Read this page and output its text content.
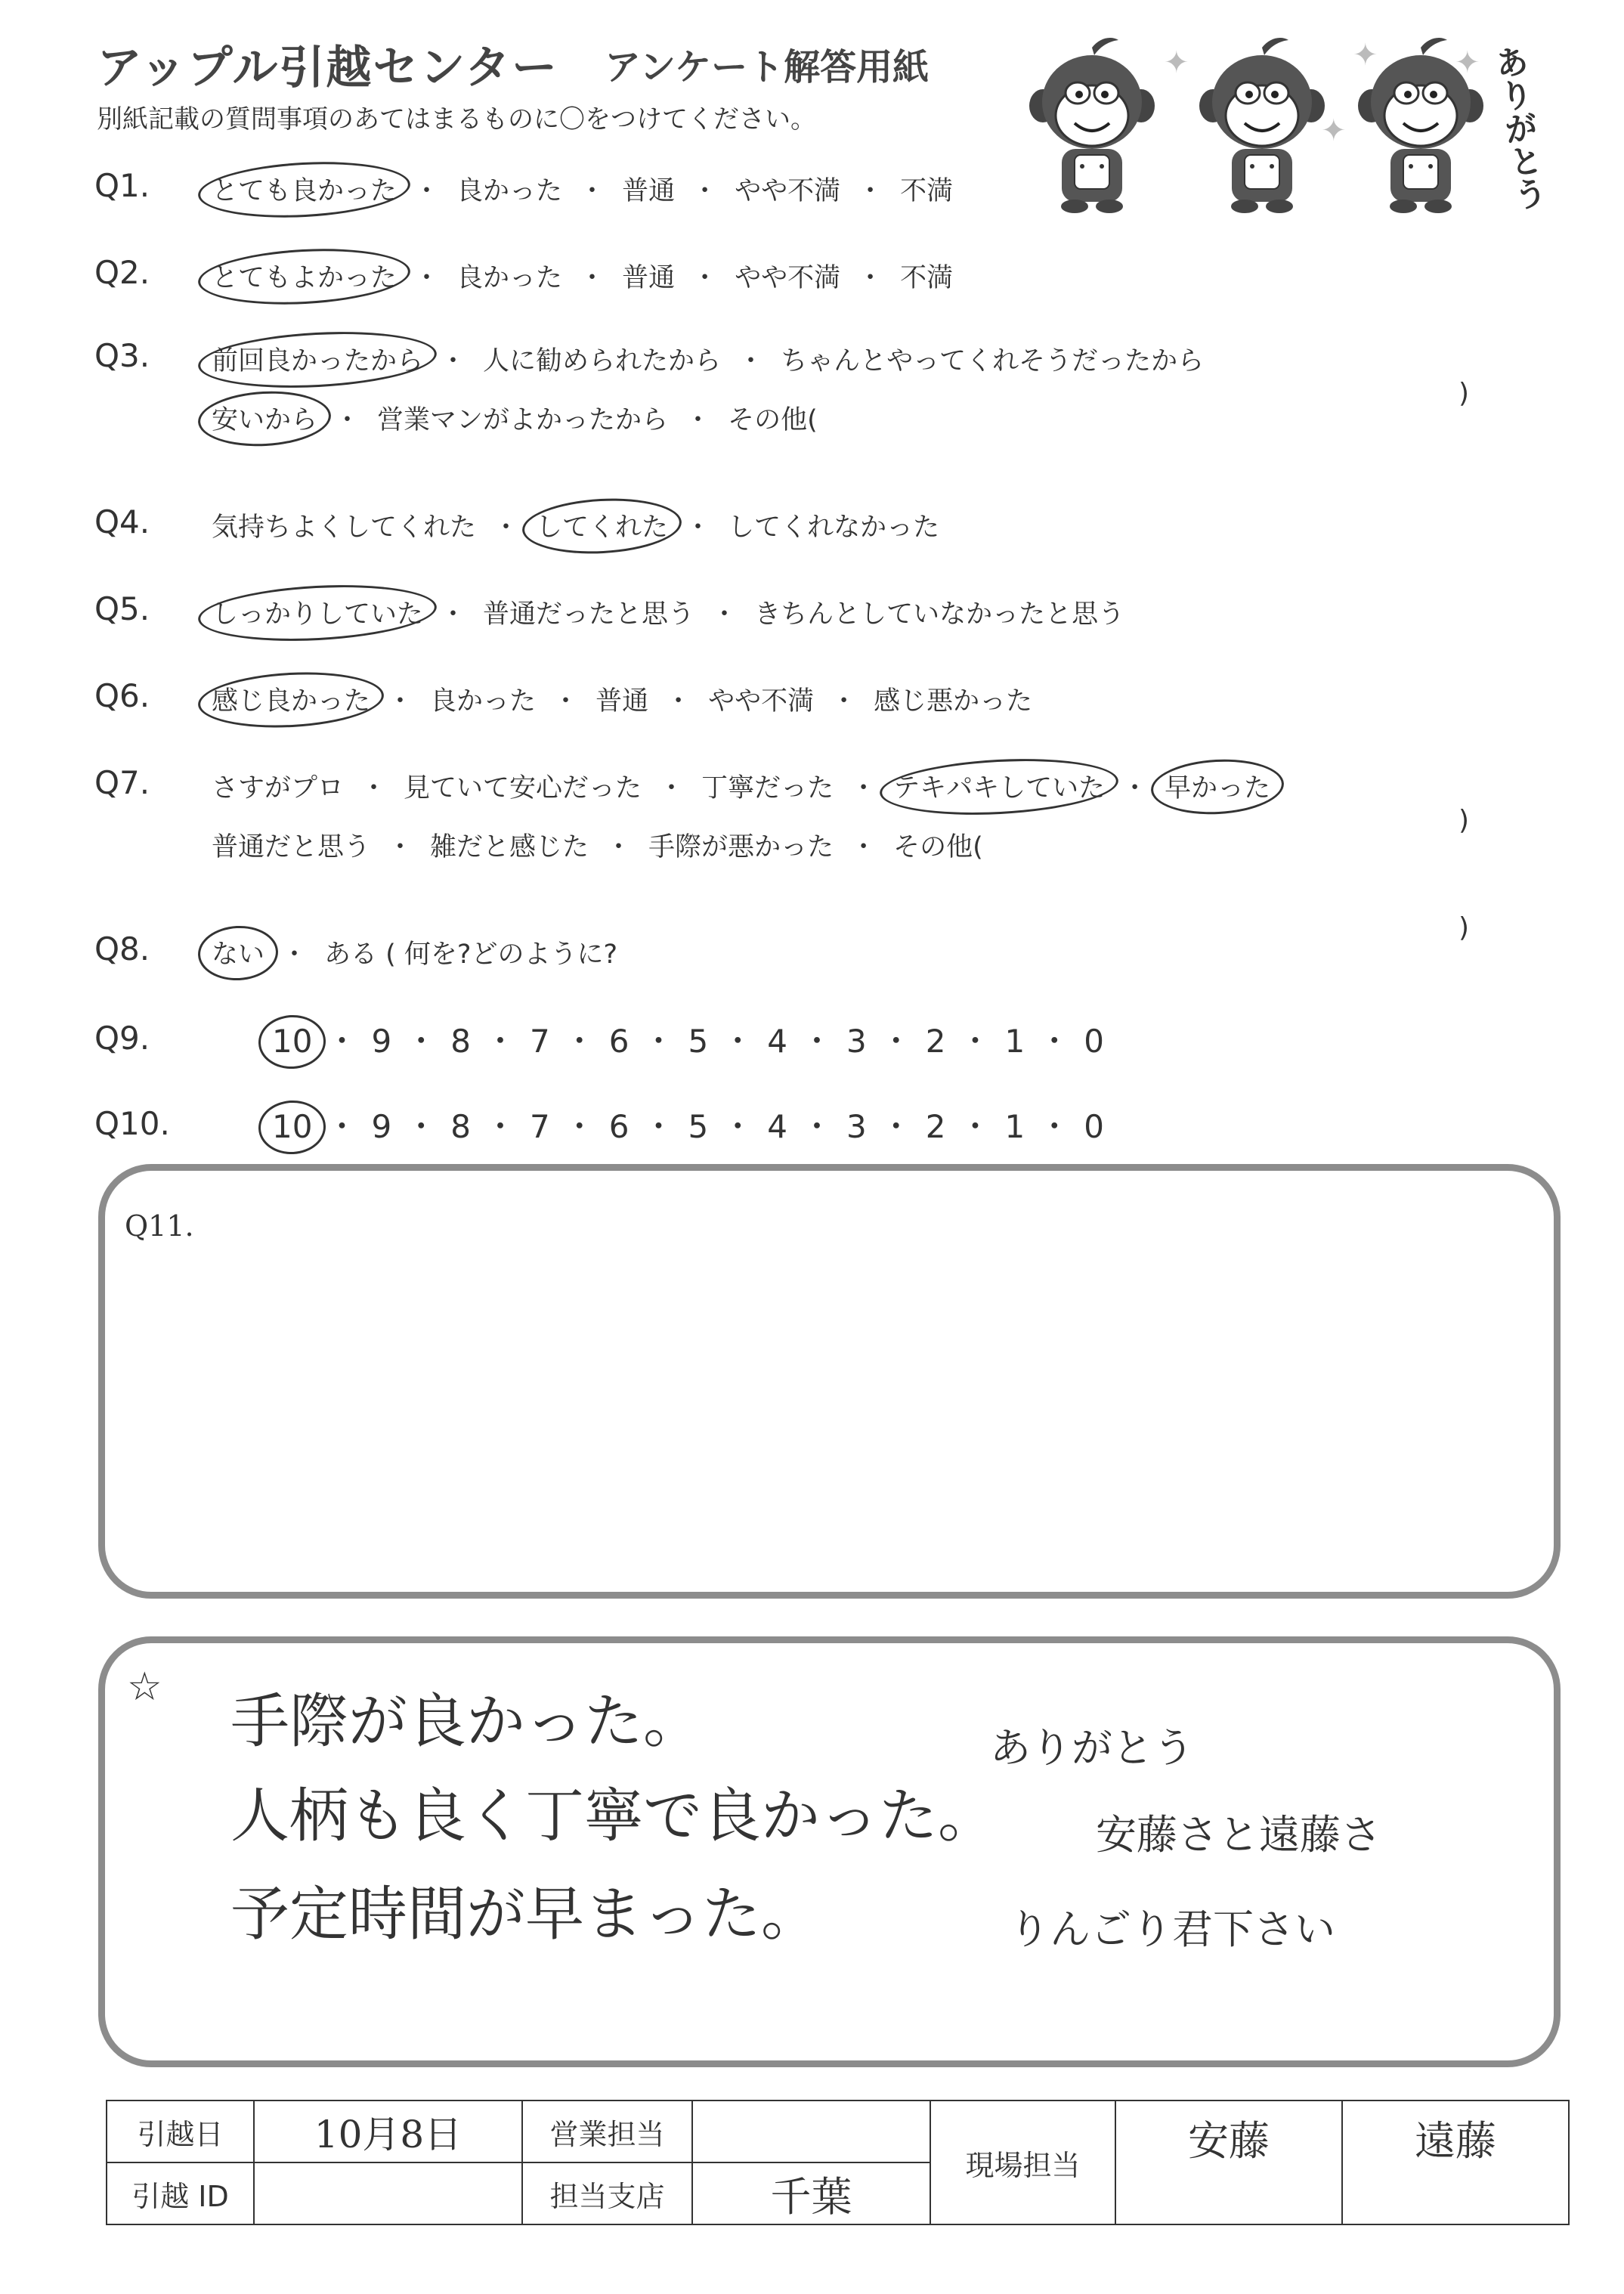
アップル引越センター アンケート解答用紙
別紙記載の質問事項のあてはまるものに〇をつけてください。	ありがとう
✦	✦
✦
✦
Q1. とても良かった ・ 良かった ・ 普通 ・ やや不満 ・ 不満
Q2. とてもよかった ・ 良かった ・ 普通 ・ やや不満 ・ 不満
Q3. 前回良かったから ・ 人に勧められたから ・ ちゃんとやってくれそうだったから
安いから ・ 営業マンがよかったから ・ その他(
)
Q4. 気持ちよくしてくれた ・ してくれた ・ してくれなかった
Q5. しっかりしていた ・ 普通だったと思う ・ きちんとしていなかったと思う
Q6. 感じ良かった ・ 良かった ・ 普通 ・ やや不満 ・ 感じ悪かった
Q7. さすがプロ ・ 見ていて安心だった ・ 丁寧だった ・ テキパキしていた ・ 早かった
普通だと思う ・ 雑だと感じた ・ 手際が悪かった ・ その他(
)
Q8. ない ・ ある ( 何を?どのように?
)
Q9.	10 ・ 9 ・ 8 ・ 7 ・ 6 ・ 5 ・ 4 ・ 3 ・ 2 ・ 1 ・ 0
Q10.	10 ・ 9 ・ 8 ・ 7 ・ 6 ・ 5 ・ 4 ・ 3 ・ 2 ・ 1 ・ 0
Q11.
☆
手際が良かった。
人柄も良く丁寧で良かった。
予定時間が早まった。
ありがとう
安藤さと遠藤さ
りんごり君下さい
引越日	10月8日	営業担当		現場担当	安藤	遠藤
引越 ID		担当支店	千葉			
